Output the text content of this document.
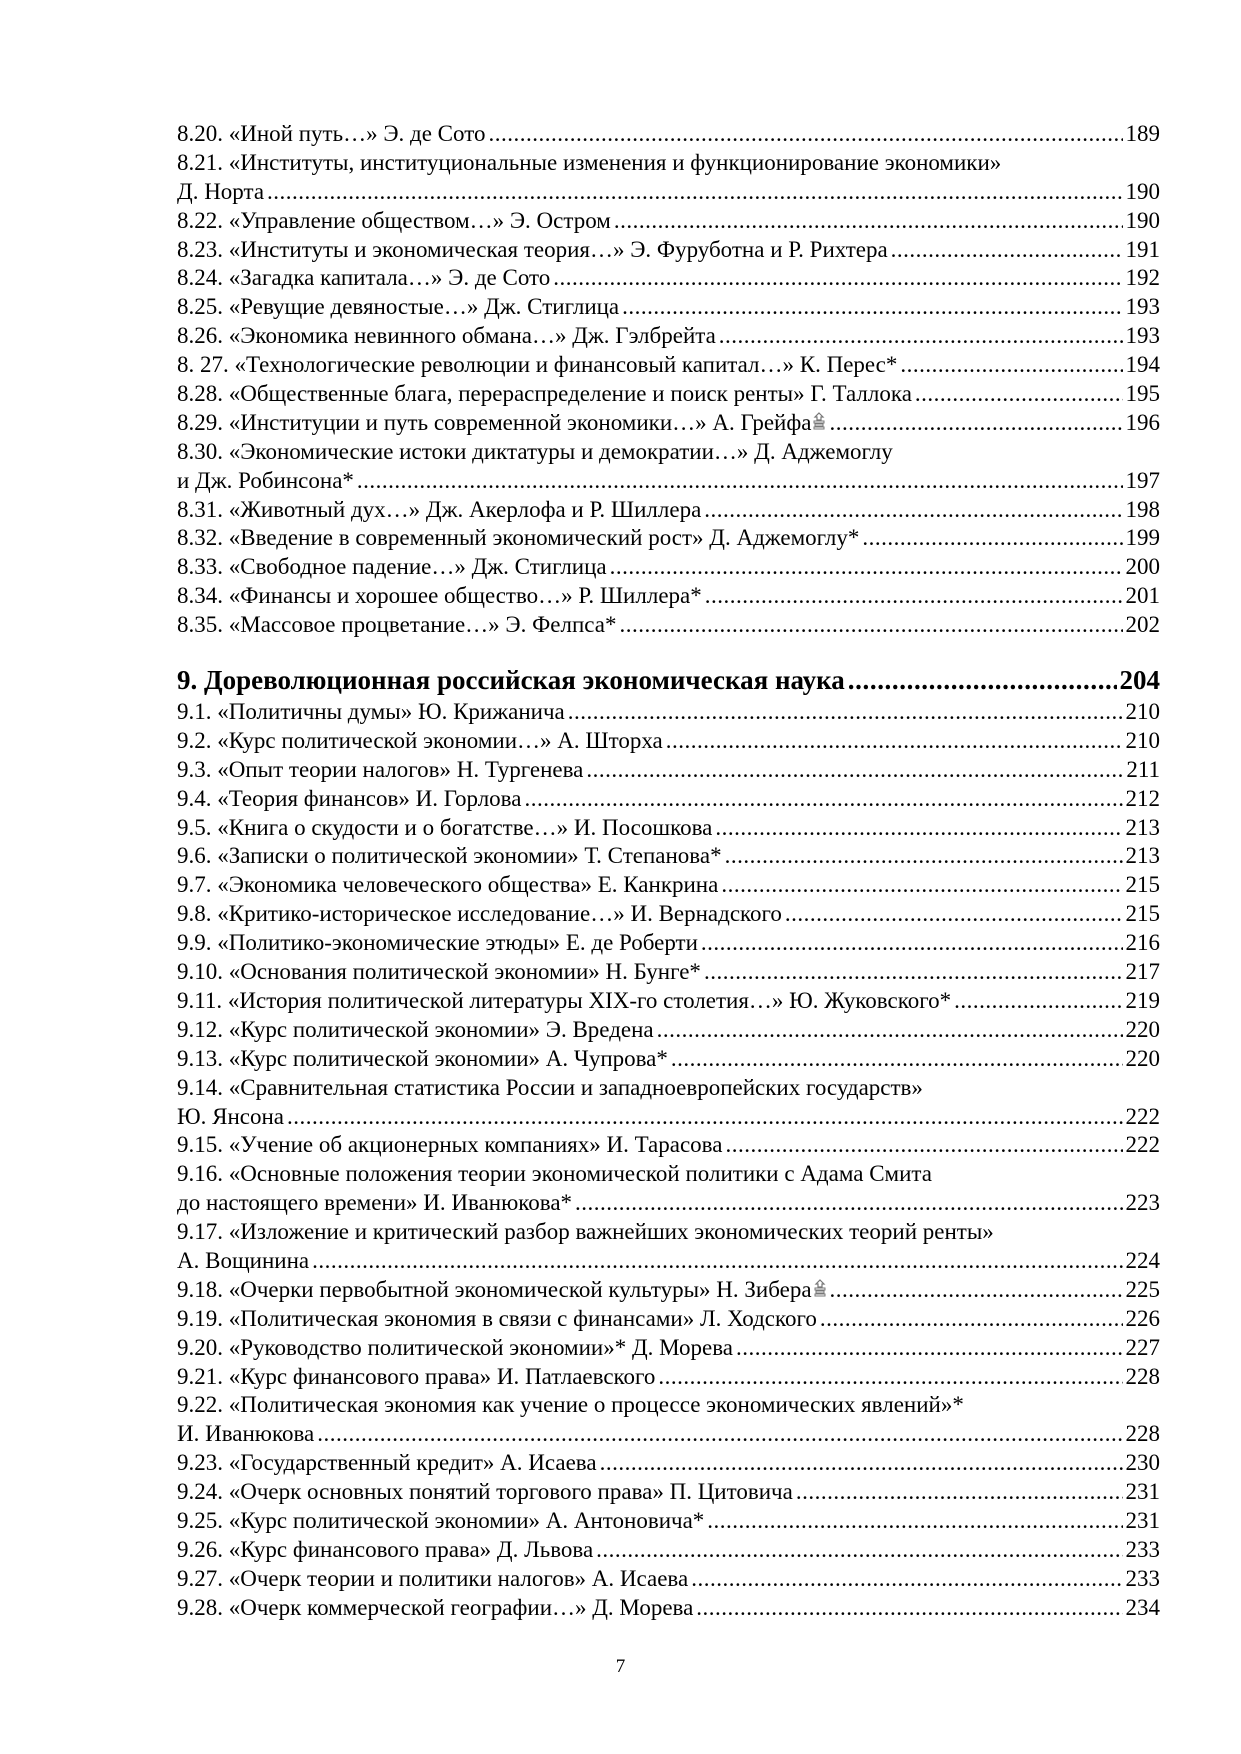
8.20. «Иной путь…» Э. де Сото .....	189
8.21. «Институты, институциональные изменения и функционирование экономики»
Д. Норта .....	190
8.22. «Управление обществом…» Э. Остром .....	190
8.23. «Институты и экономическая теория…» Э. Фуруботна и Р. Рихтера .....	191
8.24. «Загадка капитала…» Э. де Сото .....	192
8.25. «Ревущие девяностые…» Дж. Стиглица .....	193
8.26. «Экономика невинного обмана…» Дж. Гэлбрейта .....	193
8. 27. «Технологические революции и финансовый капитал…» К. Перес* .....	194
8.28. «Общественные блага, перераспределение и поиск ренты» Г. Таллока .....	195
8.29. «Институции и путь современной экономики…» А. Грейфа .....	196
8.30. «Экономические истоки диктатуры и демократии…» Д. Аджемоглу
и Дж. Робинсона* .....	197
8.31. «Животный дух…» Дж. Акерлофа и Р. Шиллера .....	198
8.32. «Введение в современный экономический рост» Д. Аджемоглу* .....	199
8.33. «Свободное падение…» Дж. Стиглица .....	200
8.34. «Финансы и хорошее общество…» Р. Шиллера* .....	201
8.35. «Массовое процветание…» Э. Фелпса* .....	202
9. Дореволюционная российская экономическая наука .....	204
9.1. «Политичны думы» Ю. Крижанича .....	210
9.2. «Курс политической экономии…» А. Шторха .....	210
9.3. «Опыт теории налогов» Н. Тургенева .....	211
9.4. «Теория финансов» И. Горлова .....	212
9.5. «Книга о скудости и о богатстве…» И. Посошкова .....	213
9.6. «Записки о политической экономии» Т. Степанова* .....	213
9.7. «Экономика человеческого общества» Е. Канкрина .....	215
9.8. «Критико-историческое исследование…» И. Вернадского .....	215
9.9. «Политико-экономические этюды» Е. де Роберти .....	216
9.10. «Основания политической экономии» Н. Бунге* .....	217
9.11. «История политической литературы XIX-го столетия…» Ю. Жуковского* .....	219
9.12. «Курс политической экономии» Э. Вредена .....	220
9.13. «Курс политической экономии» А. Чупрова* .....	220
9.14. «Сравнительная статистика России и западноевропейских государств»
Ю. Янсона .....	222
9.15. «Учение об акционерных компаниях» И. Тарасова .....	222
9.16. «Основные положения теории экономической политики с Адама Смита
до настоящего времени» И. Иванюкова* .....	223
9.17. «Изложение и критический разбор важнейших экономических теорий ренты»
А. Вощинина .....	224
9.18. «Очерки первобытной экономической культуры» Н. Зибера .....	225
9.19. «Политическая экономия в связи с финансами» Л. Ходского .....	226
9.20. «Руководство политической экономии»* Д. Морева .....	227
9.21. «Курс финансового права» И. Патлаевского .....	228
9.22. «Политическая экономия как учение о процессе экономических явлений»*
И. Иванюкова .....	228
9.23. «Государственный кредит» А. Исаева .....	230
9.24. «Очерк основных понятий торгового права» П. Цитовича .....	231
9.25. «Курс политической экономии» А. Антоновича* .....	231
9.26. «Курс финансового права» Д. Львова .....	233
9.27. «Очерк теории и политики налогов» А. Исаева .....	233
9.28. «Очерк коммерческой географии…» Д. Морева .....	234
7
